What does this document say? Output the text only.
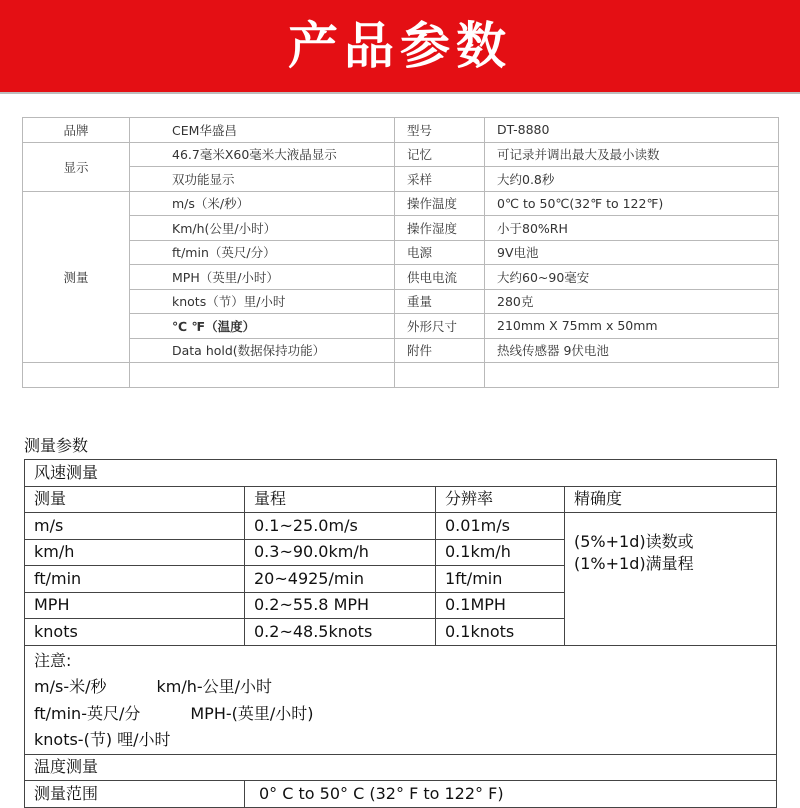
产品参数
品牌	CEM华盛昌	型号	DT-8880
显示	46.7毫米X60毫米大液晶显示	记忆	可记录并调出最大及最小读数
	双功能显示	采样	大约0.8秒
测量	m/s（米/秒）	操作温度	0℃ to 50℃(32℉ to 122℉)
	Km/h(公里/小时）	操作湿度	小于80%RH
	ft/min（英尺/分）	电源	9V电池
	MPH（英里/小时）	供电电流	大约60~90毫安
	knots（节）里/小时	重量	280克
	℃ ℉（温度）	外形尺寸	210mm X 75mm x 50mm
	Data hold(数据保持功能）	附件	热线传感器 9伏电池

测量参数
风速测量			
测量	量程	分辨率	精确度
m/s	0.1~25.0m/s	0.01m/s	(5%+1d)读数或
(1%+1d)满量程

km/h	0.3~90.0km/h	0.1km/h	
ft/min	20~4925/min	1ft/min	
MPH	0.2~55.8 MPH	0.1MPH	
knots	0.2~48.5knots	0.1knots	

注意:
m/s-米/秒 km/h-公里/小时
ft/min-英尺/分 MPH-(英里/小时)
knots-(节) 哩/小时			

温度测量			
测量范围	0° C to 50° C (32° F to 122° F)		
